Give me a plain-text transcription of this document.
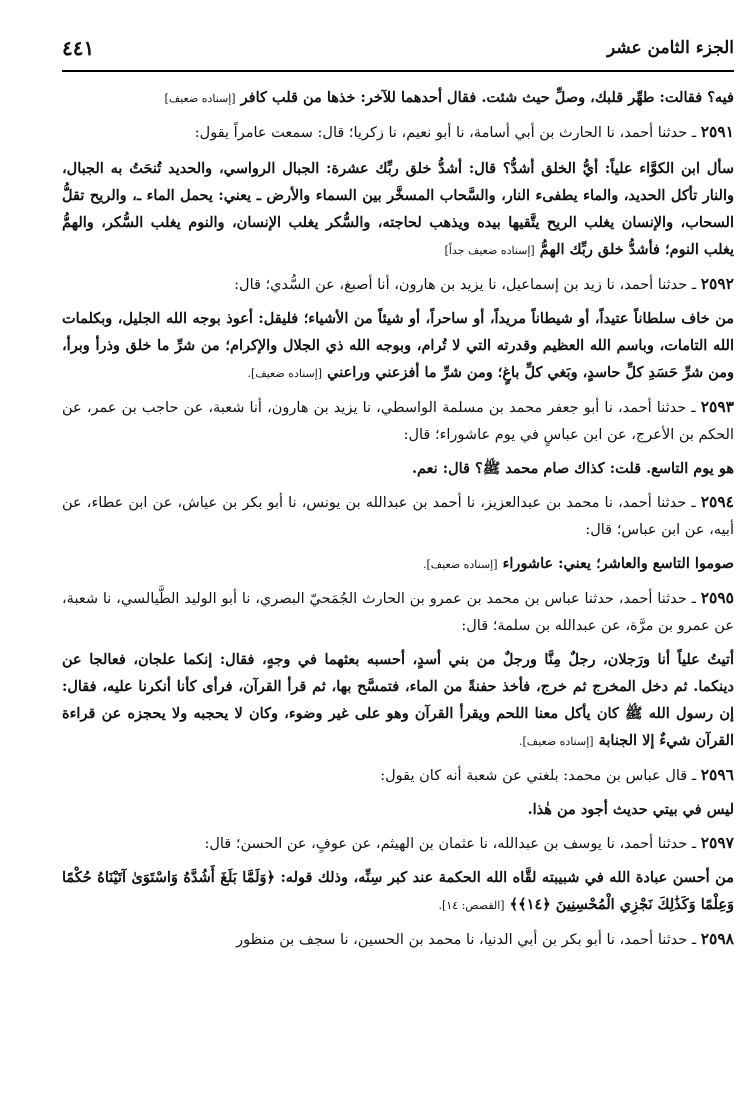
الجزء الثامن عشر
٤٤١

فيه؟ فقالت: طهِّر قلبك، وصلِّ حيث شئت. فقال أحدهما للآخر: خذها من قلب كافر [إسناده ضعيف]

٢٥٩١ ـ حدثنا أحمد، نا الحارث بن أبي أسامة، نا أبو نعيم، نا زكريا؛ قال: سمعت عامراً يقول:

سأل ابن الكوَّاء علياً: أيُّ الخلق أشدُّ؟ قال: أشدُّ خلق ربِّك عشرة: الجبال الرواسي، والحديد تُنحَتُ به الجبال، والنار تأكل الحديد، والماء يطفىء النار، والسَّحاب المسخَّر بين السماء والأرض ـ يعني: يحمل الماء ـ، والريح تقلُّ السحاب، والإنسان يغلب الريح يتَّقيها بيده ويذهب لحاجته، والسُّكر يغلب الإنسان، والنوم يغلب السُّكر، والهمُّ يغلب النوم؛ فأشدُّ خلق ربِّك الهمُّ [إسناده ضعيف جداً]

٢٥٩٢ ـ حدثنا أحمد، نا زيد بن إسماعيل، نا يزيد بن هارون، أنا أصبغ، عن السُّدي؛ قال:

من خاف سلطاناً عتيداً، أو شيطاناً مريداً، أو ساحراً، أو شيئاً من الأشياء؛ فليقل: أعوذ بوجه الله الجليل، وبكلمات الله التامات، وباسم الله العظيم وقدرته التي لا تُرام، وبوجه الله ذي الجلال والإكرام؛ من شرِّ ما خلق وذرأ وبرأ، ومن شرِّ حَسَدِ كلِّ حاسدٍ، وبَغي كلِّ باغٍ؛ ومن شرِّ ما أفزعني وراعني [إسناده ضعيف].

٢٥٩٣ ـ حدثنا أحمد، نا أبو جعفر محمد بن مسلمة الواسطي، نا يزيد بن هارون، أنا شعبة، عن حاجب بن عمر، عن الحكم بن الأعرج، عن ابن عباسٍ في يوم عاشوراء؛ قال:

هو يوم التاسع. قلت: كذاك صام محمد ﷺ؟ قال: نعم.

٢٥٩٤ ـ حدثنا أحمد، نا محمد بن عبدالعزيز، نا أحمد بن عبدالله بن يونس، نا أبو بكر بن عياش، عن ابن عطاء، عن أبيه، عن ابن عباس؛ قال:

صوموا التاسع والعاشر؛ يعني: عاشوراء [إسناده ضعيف].

٢٥٩٥ ـ حدثنا أحمد، حدثنا عباس بن محمد بن عمرو بن الحارث الجُمَحيّ البصري، نا أبو الوليد الطَّيالسي، نا شعبة، عن عمرو بن مرَّة، عن عبدالله بن سلمة؛ قال:

أتيتُ علياً أنا ورَجلان، رجلٌ مِنَّا ورجلٌ من بني أسدٍ، أحسبه بعثهما في وجهٍ، فقال: إنكما علجان، فعالجا عن دينكما. ثم دخل المخرج ثم خرج، فأخذ حفنةً من الماء، فتمسَّح بها، ثم قرأ القرآن، فرأى كأنا أنكرنا عليه، فقال: إن رسول الله ﷺ كان يأكل معنا اللحم ويقرأ القرآن وهو على غير وضوء، وكان لا يحجبه ولا يحجزه عن قراءة القرآن شيءٌ إلا الجنابة [إسناده ضعيف].

٢٥٩٦ ـ قال عباس بن محمد: بلغني عن شعبة أنه كان يقول:

ليس في بيتي حديث أجود من هٰذا.

٢٥٩٧ ـ حدثنا أحمد، نا يوسف بن عبدالله، نا عثمان بن الهيثم، عن عوفٍ، عن الحسن؛ قال:

من أحسن عبادة الله في شبيبته لقَّاه الله الحكمة عند كبر سِنِّه، وذلك قوله: ﴿وَلَمَّا بَلَغَ أَشُدَّهُ وَاسْتَوَىٰ آتَيْنَاهُ حُكْمًا وَعِلْمًا وَكَذَٰلِكَ نَجْزِي الْمُحْسِنِينَ ﴿١٤﴾﴾ [القصص: ١٤].

٢٥٩٨ ـ حدثنا أحمد، نا أبو بكر بن أبي الدنيا، نا محمد بن الحسين، نا سجف بن منظور
